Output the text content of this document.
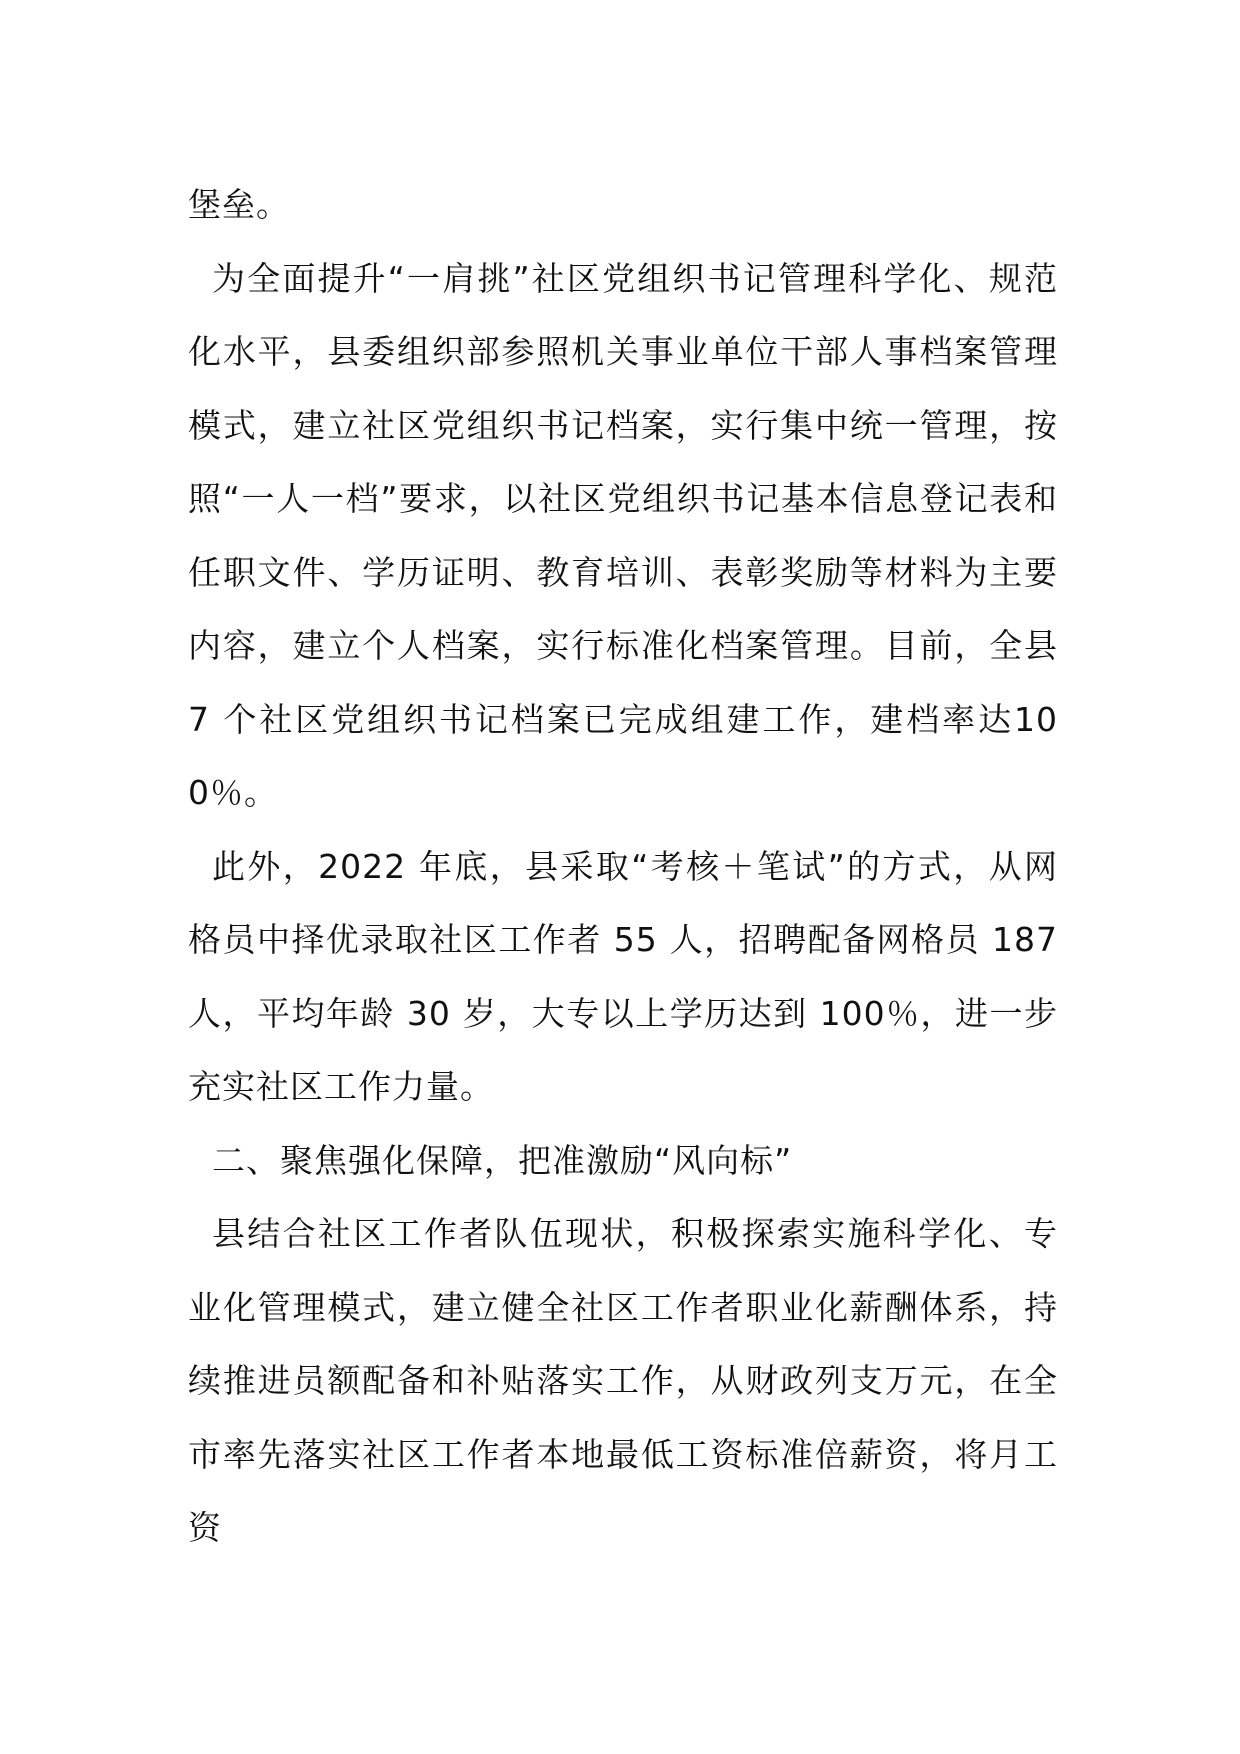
堡垒。

为全面提升“一肩挑”社区党组织书记管理科学化、规范化水平，县委组织部参照机关事业单位干部人事档案管理模式，建立社区党组织书记档案，实行集中统一管理，按照“一人一档”要求，以社区党组织书记基本信息登记表和任职文件、学历证明、教育培训、表彰奖励等材料为主要内容，建立个人档案，实行标准化档案管理。目前，全县 7 个社区党组织书记档案已完成组建工作，建档率达100％。

此外，2022 年底，县采取“考核＋笔试”的方式，从网格员中择优录取社区工作者 55 人，招聘配备网格员 187 人，平均年龄 30 岁，大专以上学历达到 100％，进一步充实社区工作力量。

二、聚焦强化保障，把准激励“风向标”

县结合社区工作者队伍现状，积极探索实施科学化、专业化管理模式，建立健全社区工作者职业化薪酬体系，持续推进员额配备和补贴落实工作，从财政列支万元，在全市率先落实社区工作者本地最低工资标准倍薪资，将月工资
